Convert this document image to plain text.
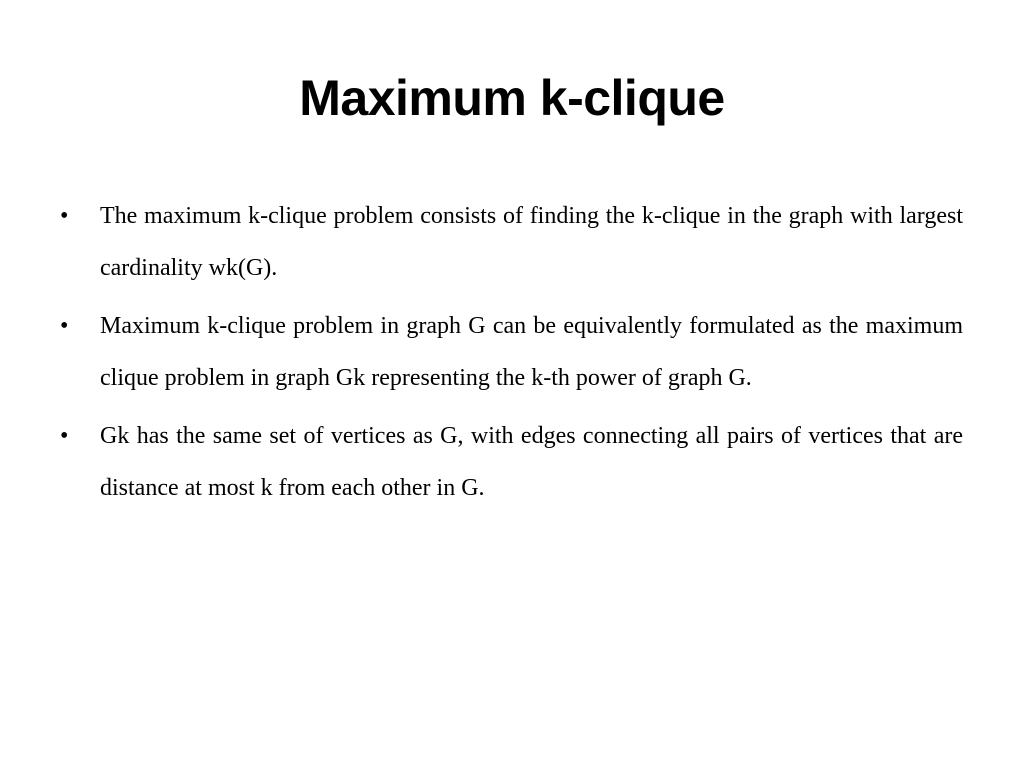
Maximum k-clique
•	The maximum k-clique problem consists of finding the k-clique in the graph with largest cardinality wk(G).
•	Maximum k-clique problem in graph G can be equivalently formulated as the maximum clique problem in graph Gk representing the k-th power of graph G.
•	Gk has the same set of vertices as G, with edges connecting all pairs of vertices that are distance at most k from each other in G.
